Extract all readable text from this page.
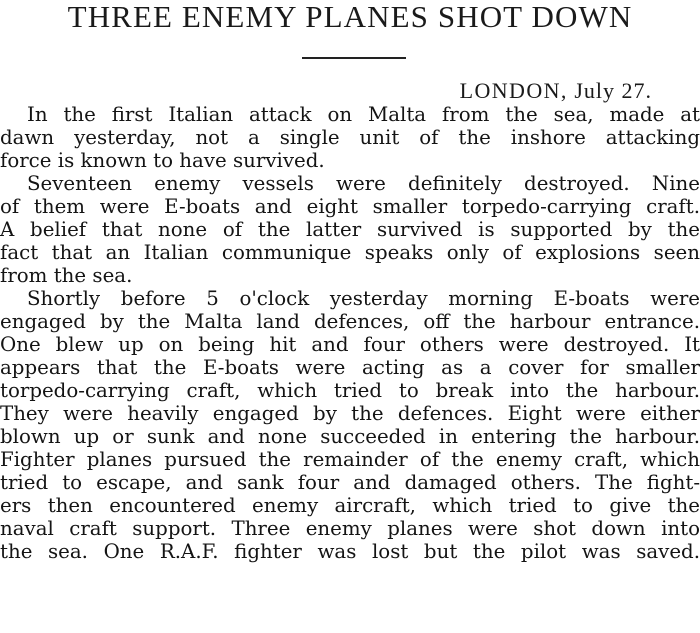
THREE ENEMY PLANES SHOT DOWN
LONDON, July 27.
In the first Italian attack on Malta from the sea, made at
dawn yesterday, not a single unit of the inshore attacking
force is known to have survived.
Seventeen enemy vessels were definitely destroyed. Nine
of them were E-boats and eight smaller torpedo-carrying craft.
A belief that none of the latter survived is supported by the
fact that an Italian communique speaks only of explosions seen
from the sea.
Shortly before 5 o'clock yesterday morning E-boats were
engaged by the Malta land defences, off the harbour entrance.
One blew up on being hit and four others were destroyed. It
appears that the E-boats were acting as a cover for smaller
torpedo-carrying craft, which tried to break into the harbour.
They were heavily engaged by the defences. Eight were either
blown up or sunk and none succeeded in entering the harbour.
Fighter planes pursued the remainder of the enemy craft, which
tried to escape, and sank four and damaged others. The fight-
ers then encountered enemy aircraft, which tried to give the
naval craft support. Three enemy planes were shot down into
the sea. One R.A.F. fighter was lost but the pilot was saved.
